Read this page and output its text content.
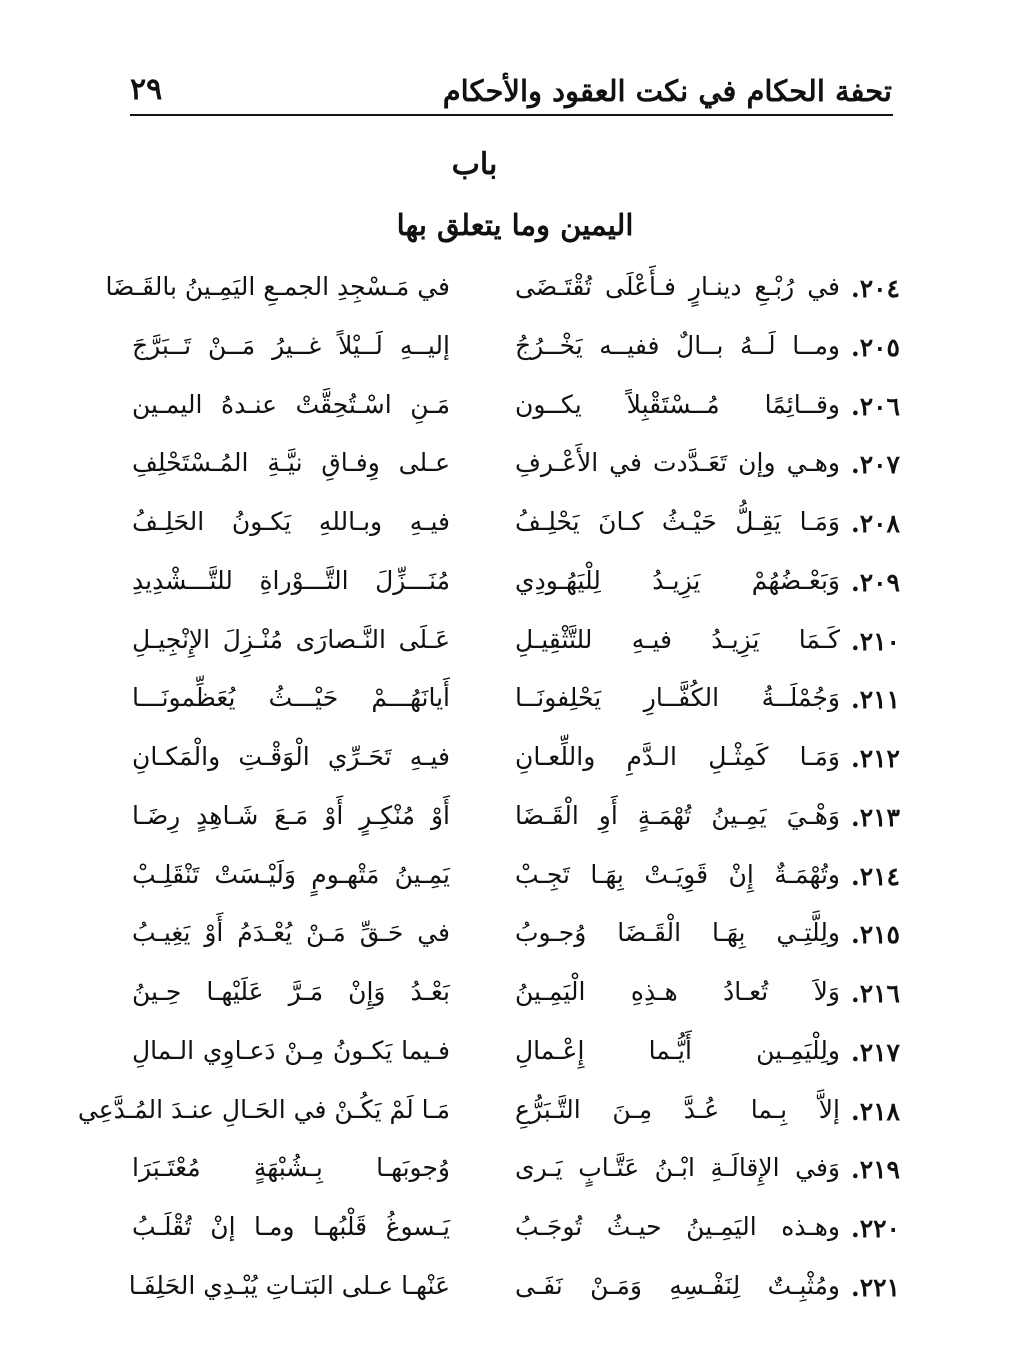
تحفة الحكام في نكت العقود والأحكام
٢٩
باب
اليمين وما يتعلق بها
٢٠٤.
في رُبْـعِ دينـارٍ فـأَعْلَى تُقْتَـضَى
في مَـسْجِدِ الجمـعِ اليَمِـينُ بالقَـضَا
٢٠٥.
ومــا لَــهُ بــالٌ ففيــه يَخْــرُجُ
إليــهِ لَــيْلاً غــيرُ مَــنْ تَــبَرَّجَ
٢٠٦.
وقــائِمًا مُــسْتَقْبِلاً يكــون
مَـنِ اسْـتُحِقَّتْ عنـدهُ اليمـين
٢٠٧.
وهـي وإن تَعَـدَّدت في الأَعْـرفِ
عـلى وِفـاقِ نيَّـةِ المُـسْتَحْلِفِ
٢٠٨.
وَمَـا يَقِـلُّ حَيْـثُ كـانَ يَحْلِـفُ
فيـهِ وبـاللهِ يَكـونُ الحَلِـفُ
٢٠٩.
وَبَعْـضُهُمْ يَزِيـدُ لِلْيَهُـودِي
مُنَـــزِّلَ التَّـــوْراةِ للتَّـــشْدِيدِ
٢١٠.
كَـمَا يَزِيـدُ فيـهِ للتَّثْقِيـلِ
عَـلَى النَّـصارَى مُنْـزِلَ الإِنْجِيـلِ
٢١١.
وَجُمْلَــةُ الكُفَّــارِ يَحْلِفونَــا
أَيانَهُـــمْ حَيْـــثُ يُعَظِّمونَـــا
٢١٢.
وَمَـا كَمِثْـلِ الـدَّمِ واللِّعـانِ
فيـهِ تَحَـرِّي الْوَقْـتِ والْمَكـانِ
٢١٣.
وَهْـيَ يَمِـينُ تُهْمَـةٍ أَوِ الْقَـضَا
أَوْ مُنْكِـرٍ أَوْ مَـعَ شَـاهِدٍ رِضَـا
٢١٤.
وتُهْمَـةٌ إِنْ قَوِيَـتْ بِهَـا تَجِـبْ
يَمِـينُ مَتْهـومٍ وَلَيْـسَتْ تَنْقَلِـبْ
٢١٥.
ولِلَّتِـي بِهَـا الْقَـضَا وُجـوبُ
في حَـقِّ مَـنْ يُعْـدَمُ أَوْ يَغِيـبُ
٢١٦.
وَلاَ تُعـادُ هـذِهِ الْيَمِـينُ
بَعْـدُ وَإِنْ مَـرَّ عَلَيْهـا حِـينُ
٢١٧.
ولِلْيَمِـين أَيُّـما إِعْـمالِ
فـيما يَكـونُ مِـنْ دَعـاوِي الـمالِ
٢١٨.
إلاَّ بِـما عُـدَّ مِـنَ التَّـبَرُّعِ
مَـا لَمْ يَكُـنْ في الحَـالِ عنـدَ المُـدَّعِي
٢١٩.
وَفي الإِقالَـةِ ابْـنُ عَتَّـابٍ يَـرى
وُجوبَهـا بِـشُبْهَةٍ مُعْتَـبَرَا
٢٢٠.
وهـذه اليَمِـينُ حيـثُ تُوجَـبُ
يَـسوغُ قَلْبُهـا ومـا إنْ تُقْلَـبُ
٢٢١.
ومُثْبِـتٌ لِنَفْـسِهِ وَمَـنْ نَفَـى
عَنْهـا عـلى البَتـاتِ يُبْـدِي الحَلِفَـا
